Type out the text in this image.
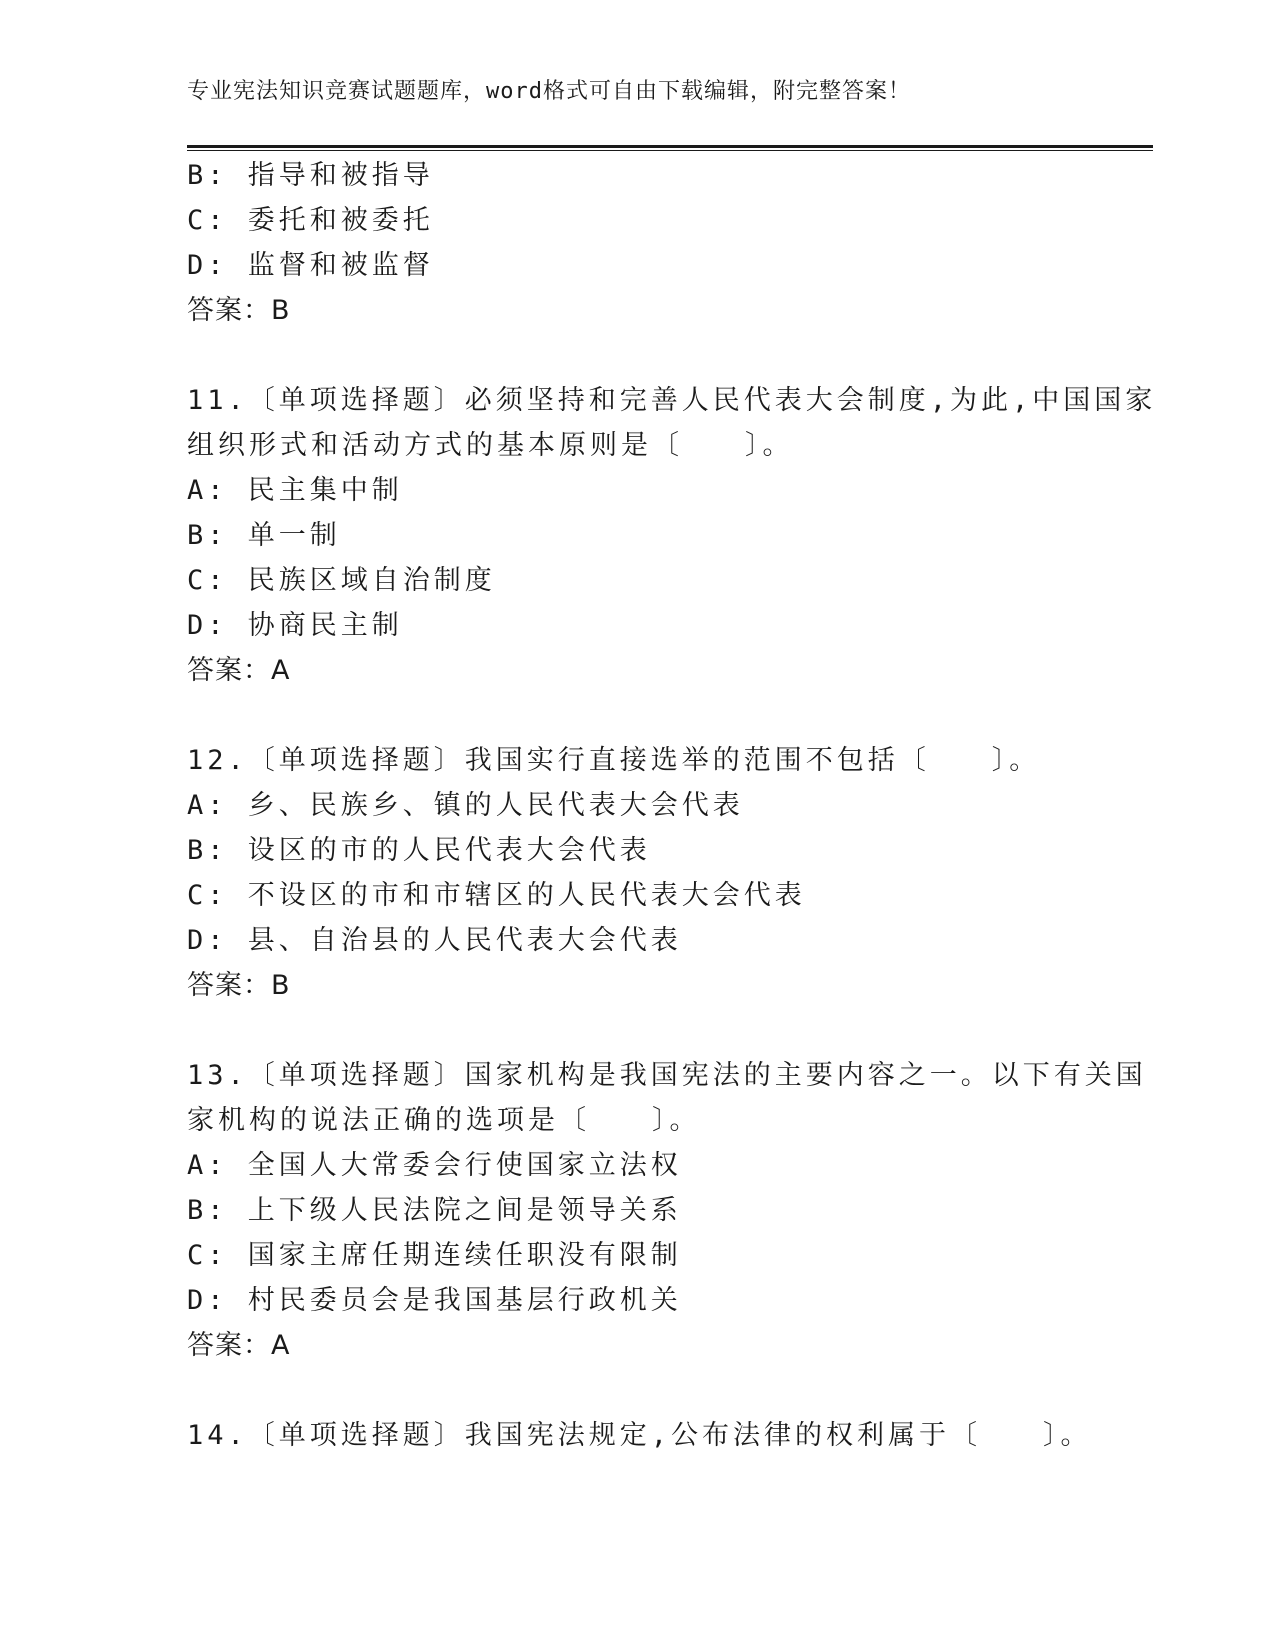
专业宪法知识竞赛试题题库，word格式可自由下载编辑，附完整答案！
B: 指导和被指导
C: 委托和被委托
D: 监督和被监督
答案：B
11.〔单项选择题〕必须坚持和完善人民代表大会制度,为此,中国国家
组织形式和活动方式的基本原则是〔　　〕。
A: 民主集中制
B: 单一制
C: 民族区域自治制度
D: 协商民主制
答案：A
12.〔单项选择题〕我国实行直接选举的范围不包括〔　　〕。
A: 乡、民族乡、镇的人民代表大会代表
B: 设区的市的人民代表大会代表
C: 不设区的市和市辖区的人民代表大会代表
D: 县、自治县的人民代表大会代表
答案：B
13.〔单项选择题〕国家机构是我国宪法的主要内容之一。以下有关国
家机构的说法正确的选项是〔　　〕。
A: 全国人大常委会行使国家立法权
B: 上下级人民法院之间是领导关系
C: 国家主席任期连续任职没有限制
D: 村民委员会是我国基层行政机关
答案：A
14.〔单项选择题〕我国宪法规定,公布法律的权利属于〔　　〕。
